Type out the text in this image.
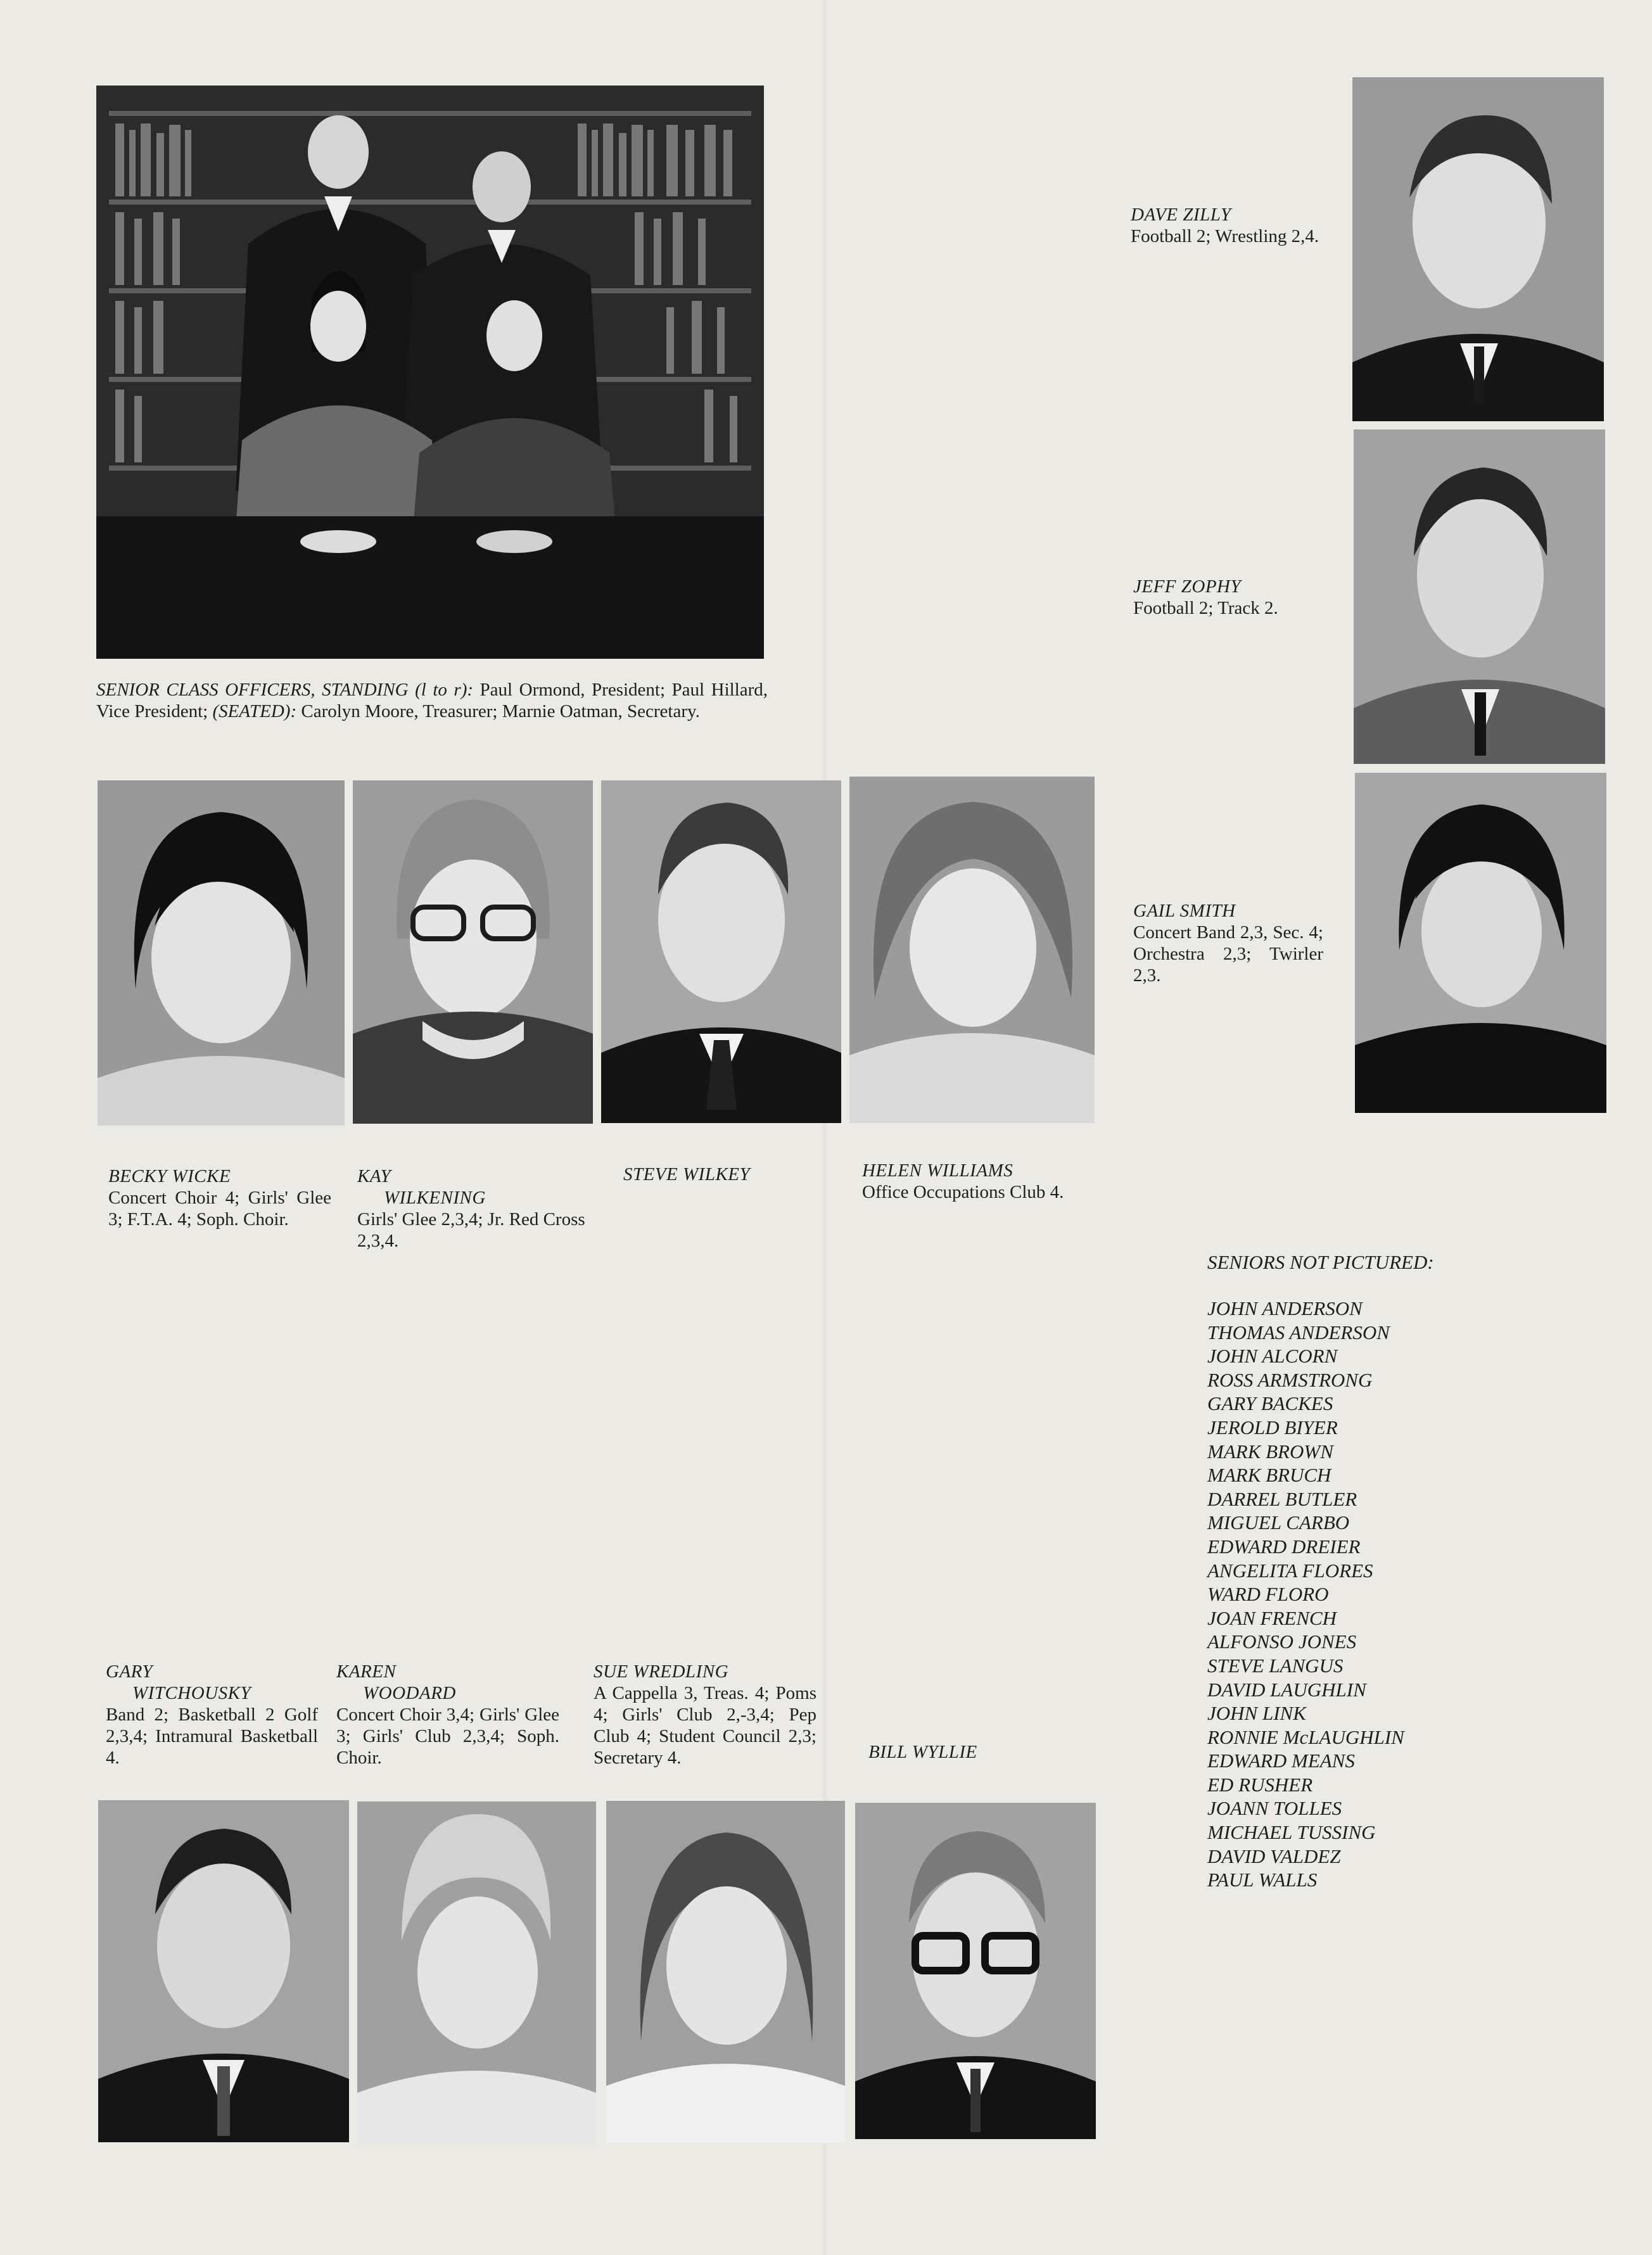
SENIOR CLASS OFFICERS, STANDING (l to r): Paul Ormond, President; Paul Hillard, Vice President; (SEATED): Carolyn Moore, Treasurer; Marnie Oatman, Secretary.
DAVE ZILLY
Football 2; Wrestling 2,4.
JEFF ZOPHY
Football 2; Track 2.
GAIL SMITH
Concert Band 2,3, Sec. 4; Orchestra 2,3; Twirler 2,3.
BECKY WICKE
Concert Choir 4; Girls' Glee 3; F.T.A. 4; Soph. Choir.
KAY
WILKENING
Girls' Glee 2,3,4; Jr. Red Cross 2,3,4.
STEVE WILKEY	HELEN WILLIAMS
Office Occupations Club 4.
GARY
WITCHOUSKY
Band 2; Basketball 2 Golf 2,3,4; Intramural Basketball 4.
KAREN
WOODARD
Concert Choir 3,4; Girls' Glee 3; Girls' Club 2,3,4; Soph. Choir.
SUE WREDLING
A Cappella 3, Treas. 4; Poms 4; Girls' Club 2,-3,4; Pep Club 4; Student Council 2,3; Secretary 4.	BILL WYLLIE
SENIORS NOT PICTURED:
JOHN ANDERSON
THOMAS ANDERSON
JOHN ALCORN
ROSS ARMSTRONG
GARY BACKES
JEROLD BIYER
MARK BROWN
MARK BRUCH
DARREL BUTLER
MIGUEL CARBO
EDWARD DREIER
ANGELITA FLORES
WARD FLORO
JOAN FRENCH
ALFONSO JONES
STEVE LANGUS
DAVID LAUGHLIN
JOHN LINK
RONNIE McLAUGHLIN
EDWARD MEANS
ED RUSHER
JOANN TOLLES
MICHAEL TUSSING
DAVID VALDEZ
PAUL WALLS
